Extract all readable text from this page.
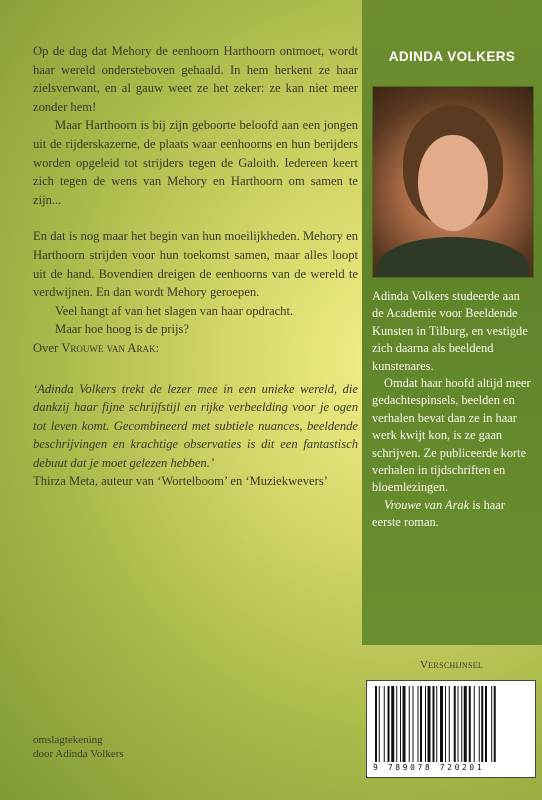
Op de dag dat Mehory de eenhoorn Harthoorn ontmoet, wordt haar wereld ondersteboven gehaald. In hem herkent ze haar zielsverwant, en al gauw weet ze het zeker: ze kan niet meer zonder hem!

Maar Harthoorn is bij zijn geboorte beloofd aan een jongen uit de rijderskazerne, de plaats waar eenhoorns en hun berijders worden opgeleid tot strijders tegen de Galoith. Iedereen keert zich tegen de wens van Mehory en Harthoorn om samen te zijn...

En dat is nog maar het begin van hun moeilijkheden. Mehory en Harthoorn strijden voor hun toekomst samen, maar alles loopt uit de hand. Bovendien dreigen de eenhoorns van de wereld te verdwijnen. En dan wordt Mehory geroepen.

Veel hangt af van het slagen van haar opdracht.

Maar hoe hoog is de prijs?

Over Vrouwe van Arak:

‘Adinda Volkers trekt de lezer mee in een unieke wereld, die dankzij haar fijne schrijfstijl en rijke verbeelding voor je ogen tot leven komt. Gecombineerd met subtiele nuances, beeldende beschrijvingen en krachtige observaties is dit een fantastisch debuut dat je moet gelezen hebben.’

Thirza Meta, auteur van ‘Wortelboom’ en ‘Muziekwevers’

omslagtekening
door Adinda Volkers
ADINDA VOLKERS

Adinda Volkers studeerde aan de Academie voor Beeldende Kunsten in Tilburg, en vestigde zich daarna als beeldend kunstenares.

Omdat haar hoofd altijd meer gedachtespinsels, beelden en verhalen bevat dan ze in haar werk kwijt kon, is ze gaan schrijven. Ze publiceerde korte verhalen in tijdschriften en bloemlezingen.

Vrouwe van Arak is haar eerste roman.

Verschijnsel
9 789078 720201
